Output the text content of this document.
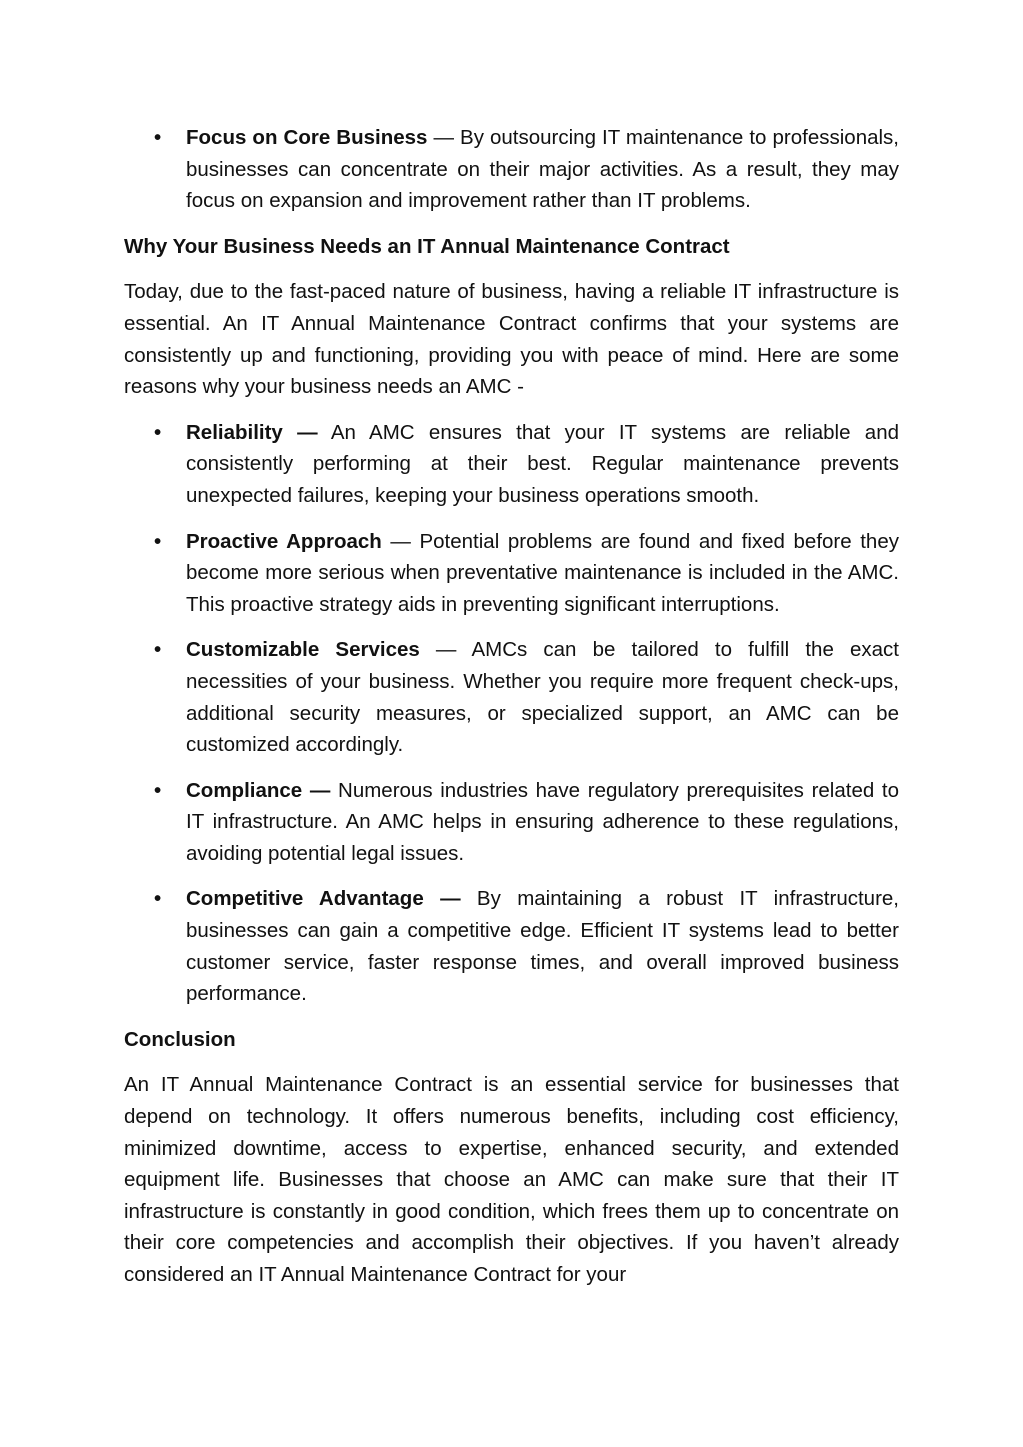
• Focus on Core Business — By outsourcing IT maintenance to professionals, businesses can concentrate on their major activities. As a result, they may focus on expansion and improvement rather than IT problems.

Why Your Business Needs an IT Annual Maintenance Contract

Today, due to the fast-paced nature of business, having a reliable IT infrastructure is essential. An IT Annual Maintenance Contract confirms that your systems are consistently up and functioning, providing you with peace of mind. Here are some reasons why your business needs an AMC -

• Reliability — An AMC ensures that your IT systems are reliable and consistently performing at their best. Regular maintenance prevents unexpected failures, keeping your business operations smooth.
• Proactive Approach — Potential problems are found and fixed before they become more serious when preventative maintenance is included in the AMC. This proactive strategy aids in preventing significant interruptions.
• Customizable Services — AMCs can be tailored to fulfill the exact necessities of your business. Whether you require more frequent check-ups, additional security measures, or specialized support, an AMC can be customized accordingly.
• Compliance — Numerous industries have regulatory prerequisites related to IT infrastructure. An AMC helps in ensuring adherence to these regulations, avoiding potential legal issues.
• Competitive Advantage — By maintaining a robust IT infrastructure, businesses can gain a competitive edge. Efficient IT systems lead to better customer service, faster response times, and overall improved business performance.

Conclusion

An IT Annual Maintenance Contract is an essential service for businesses that depend on technology. It offers numerous benefits, including cost efficiency, minimized downtime, access to expertise, enhanced security, and extended equipment life. Businesses that choose an AMC can make sure that their IT infrastructure is constantly in good condition, which frees them up to concentrate on their core competencies and accomplish their objectives. If you haven’t already considered an IT Annual Maintenance Contract for your
